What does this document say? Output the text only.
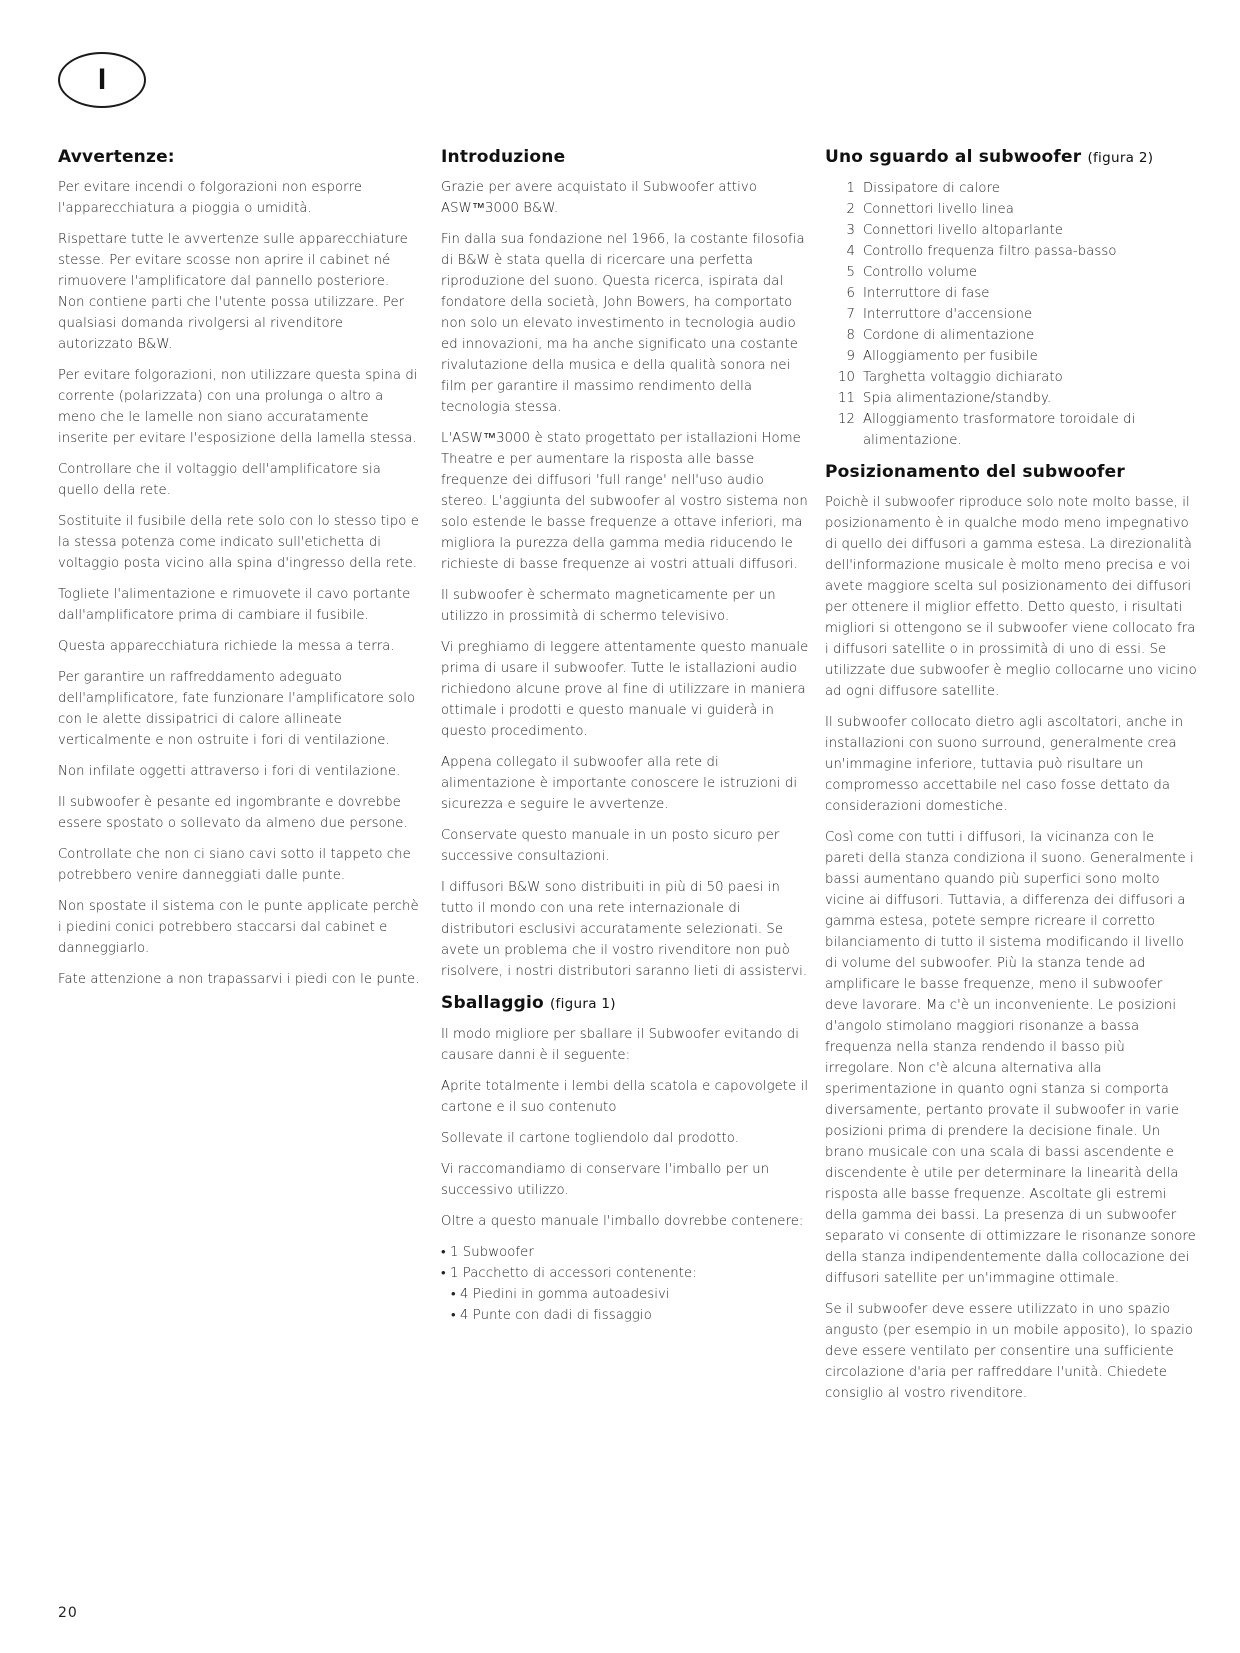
I
Avvertenze:

Per evitare incendi o folgorazioni non esporre l'apparecchiatura a pioggia o umidità.

Rispettare tutte le avvertenze sulle apparecchiature stesse. Per evitare scosse non aprire il cabinet né rimuovere l'amplificatore dal pannello posteriore. Non contiene parti che l'utente possa utilizzare. Per qualsiasi domanda rivolgersi al rivenditore autorizzato B&W.

Per evitare folgorazioni, non utilizzare questa spina di corrente (polarizzata) con una prolunga o altro a meno che le lamelle non siano accuratamente inserite per evitare l'esposizione della lamella stessa.

Controllare che il voltaggio dell'amplificatore sia quello della rete.

Sostituite il fusibile della rete solo con lo stesso tipo e la stessa potenza come indicato sull'etichetta di voltaggio posta vicino alla spina d'ingresso della rete.

Togliete l'alimentazione e rimuovete il cavo portante dall'amplificatore prima di cambiare il fusibile.

Questa apparecchiatura richiede la messa a terra.

Per garantire un raffreddamento adeguato dell'amplificatore, fate funzionare l'amplificatore solo con le alette dissipatrici di calore allineate verticalmente e non ostruite i fori di ventilazione.

Non infilate oggetti attraverso i fori di ventilazione.

Il subwoofer è pesante ed ingombrante e dovrebbe essere spostato o sollevato da almeno due persone.

Controllate che non ci siano cavi sotto il tappeto che potrebbero venire danneggiati dalle punte.

Non spostate il sistema con le punte applicate perchè i piedini conici potrebbero staccarsi dal cabinet e danneggiarlo.

Fate attenzione a non trapassarvi i piedi con le punte.

Introduzione

Grazie per avere acquistato il Subwoofer attivo ASW™3000 B&W.

Fin dalla sua fondazione nel 1966, la costante filosofia di B&W è stata quella di ricercare una perfetta riproduzione del suono. Questa ricerca, ispirata dal fondatore della società, John Bowers, ha comportato non solo un elevato investimento in tecnologia audio ed innovazioni, ma ha anche significato una costante rivalutazione della musica e della qualità sonora nei film per garantire il massimo rendimento della tecnologia stessa.

L'ASW™3000 è stato progettato per istallazioni Home Theatre e per aumentare la risposta alle basse frequenze dei diffusori 'full range' nell'uso audio stereo. L'aggiunta del subwoofer al vostro sistema non solo estende le basse frequenze a ottave inferiori, ma migliora la purezza della gamma media riducendo le richieste di basse frequenze ai vostri attuali diffusori.

Il subwoofer è schermato magneticamente per un utilizzo in prossimità di schermo televisivo.

Vi preghiamo di leggere attentamente questo manuale prima di usare il subwoofer. Tutte le istallazioni audio richiedono alcune prove al fine di utilizzare in maniera ottimale i prodotti e questo manuale vi guiderà in questo procedimento.

Appena collegato il subwoofer alla rete di alimentazione è importante conoscere le istruzioni di sicurezza e seguire le avvertenze.

Conservate questo manuale in un posto sicuro per successive consultazioni.

I diffusori B&W sono distribuiti in più di 50 paesi in tutto il mondo con una rete internazionale di distributori esclusivi accuratamente selezionati. Se avete un problema che il vostro rivenditore non può risolvere, i nostri distributori saranno lieti di assistervi.

Sballaggio (figura 1)

Il modo migliore per sballare il Subwoofer evitando di causare danni è il seguente:

Aprite totalmente i lembi della scatola e capovolgete il cartone e il suo contenuto

Sollevate il cartone togliendolo dal prodotto.

Vi raccomandiamo di conservare l'imballo per un successivo utilizzo.

Oltre a questo manuale l'imballo dovrebbe contenere:

• 1 Subwoofer
• 1 Pacchetto di accessori contenente:
• 4 Piedini in gomma autoadesivi
• 4 Punte con dadi di fissaggio
Uno sguardo al subwoofer (figura 2)
1 Dissipatore di calore
2 Connettori livello linea
3 Connettori livello altoparlante
4 Controllo frequenza filtro passa-basso
5 Controllo volume
6 Interruttore di fase
7 Interruttore d'accensione
8 Cordone di alimentazione
9 Alloggiamento per fusibile
10 Targhetta voltaggio dichiarato
11 Spia alimentazione/standby.
12 Alloggiamento trasformatore toroidale di alimentazione.
Posizionamento del subwoofer

Poichè il subwoofer riproduce solo note molto basse, il posizionamento è in qualche modo meno impegnativo di quello dei diffusori a gamma estesa. La direzionalità dell'informazione musicale è molto meno precisa e voi avete maggiore scelta sul posizionamento dei diffusori per ottenere il miglior effetto. Detto questo, i risultati migliori si ottengono se il subwoofer viene collocato fra i diffusori satellite o in prossimità di uno di essi. Se utilizzate due subwoofer è meglio collocarne uno vicino ad ogni diffusore satellite.

Il subwoofer collocato dietro agli ascoltatori, anche in installazioni con suono surround, generalmente crea un'immagine inferiore, tuttavia può risultare un compromesso accettabile nel caso fosse dettato da considerazioni domestiche.

Così come con tutti i diffusori, la vicinanza con le pareti della stanza condiziona il suono. Generalmente i bassi aumentano quando più superfici sono molto vicine ai diffusori. Tuttavia, a differenza dei diffusori a gamma estesa, potete sempre ricreare il corretto bilanciamento di tutto il sistema modificando il livello di volume del subwoofer. Più la stanza tende ad amplificare le basse frequenze, meno il subwoofer deve lavorare. Ma c'è un inconveniente. Le posizioni d'angolo stimolano maggiori risonanze a bassa frequenza nella stanza rendendo il basso più irregolare. Non c'è alcuna alternativa alla sperimentazione in quanto ogni stanza si comporta diversamente, pertanto provate il subwoofer in varie posizioni prima di prendere la decisione finale. Un brano musicale con una scala di bassi ascendente e discendente è utile per determinare la linearità della risposta alle basse frequenze. Ascoltate gli estremi della gamma dei bassi. La presenza di un subwoofer separato vi consente di ottimizzare le risonanze sonore della stanza indipendentemente dalla collocazione dei diffusori satellite per un'immagine ottimale.

Se il subwoofer deve essere utilizzato in uno spazio angusto (per esempio in un mobile apposito), lo spazio deve essere ventilato per consentire una sufficiente circolazione d'aria per raffreddare l'unità. Chiedete consiglio al vostro rivenditore.

20
